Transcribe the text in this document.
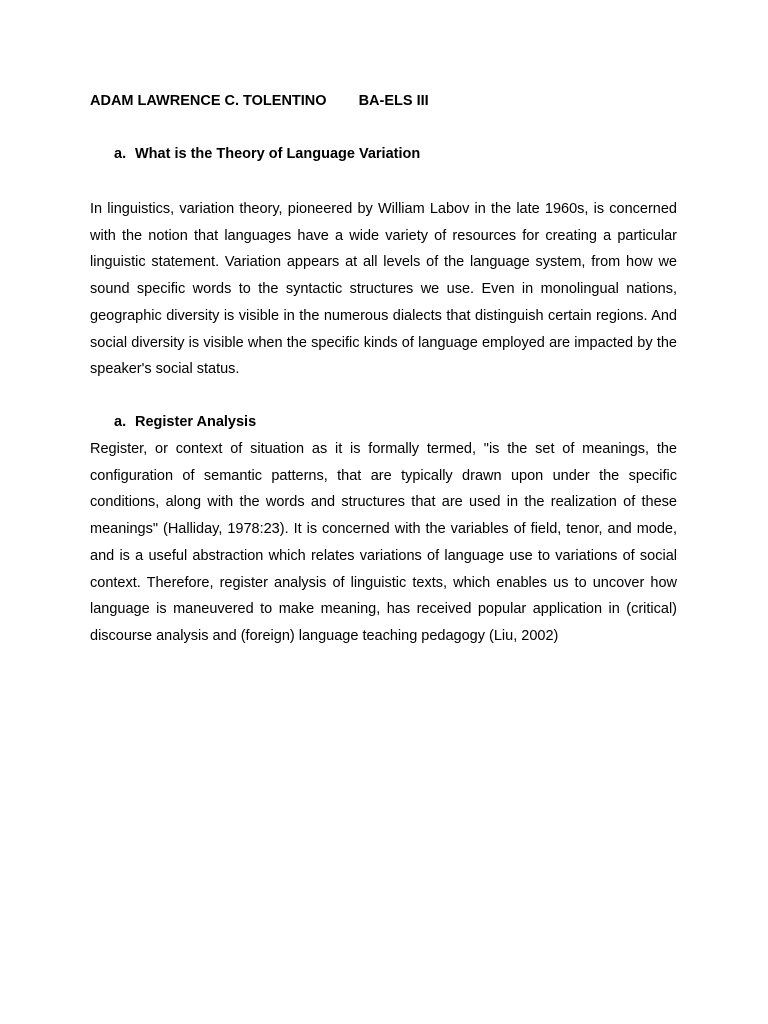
ADAM LAWRENCE C. TOLENTINO BA-ELS III
a. What is the Theory of Language Variation

In linguistics, variation theory, pioneered by William Labov in the late 1960s, is concerned with the notion that languages have a wide variety of resources for creating a particular linguistic statement. Variation appears at all levels of the language system, from how we sound specific words to the syntactic structures we use. Even in monolingual nations, geographic diversity is visible in the numerous dialects that distinguish certain regions. And social diversity is visible when the specific kinds of language employed are impacted by the speaker's social status.

a. Register Analysis

Register, or context of situation as it is formally termed, "is the set of meanings, the configuration of semantic patterns, that are typically drawn upon under the specific conditions, along with the words and structures that are used in the realization of these meanings" (Halliday, 1978:23). It is concerned with the variables of field, tenor, and mode, and is a useful abstraction which relates variations of language use to variations of social context. Therefore, register analysis of linguistic texts, which enables us to uncover how language is maneuvered to make meaning, has received popular application in (critical) discourse analysis and (foreign) language teaching pedagogy (Liu, 2002)
